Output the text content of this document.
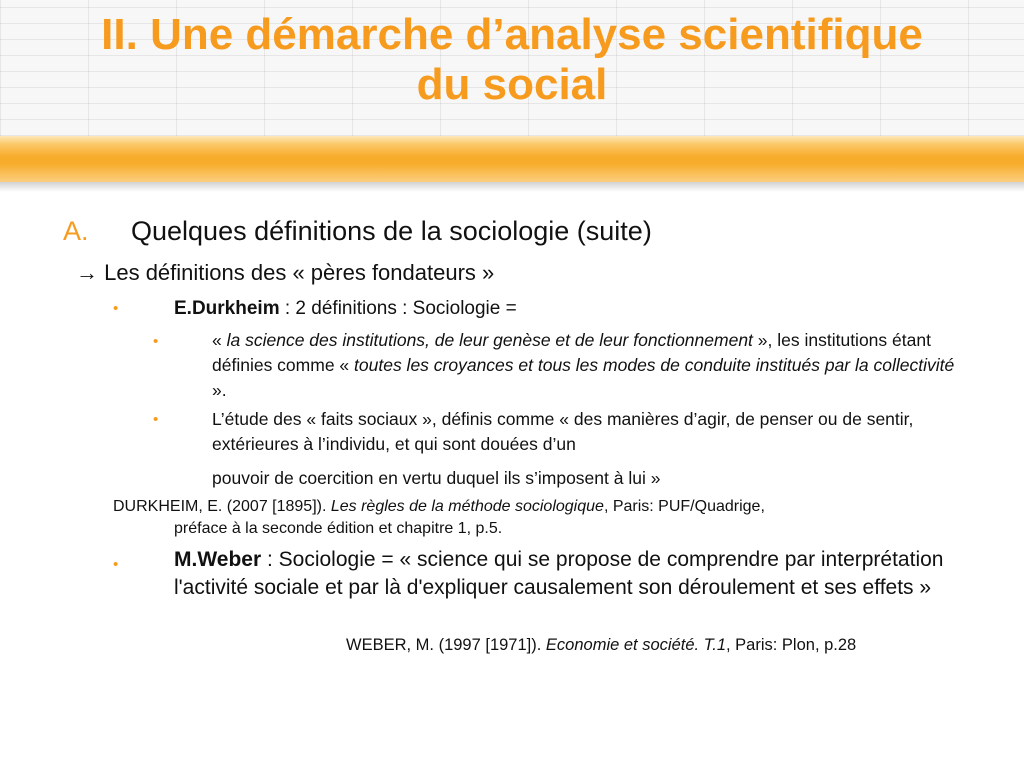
II. Une démarche d’analyse scientifique
du social

A. Quelques définitions de la sociologie (suite)

→ Les définitions des « pères fondateurs »

•	E.Durkheim : 2 définitions : Sociologie =

•	« la science des institutions, de leur genèse et de leur fonctionnement », les institutions étant définies comme « toutes les croyances et tous les modes de conduite institués par la collectivité ».

•	L’étude des « faits sociaux », définis comme « des manières d’agir, de penser ou de sentir, extérieures à l’individu, et qui sont douées d’un

pouvoir de coercition en vertu duquel ils s’imposent à lui »

DURKHEIM, E. (2007 [1895]). Les règles de la méthode sociologique, Paris: PUF/Quadrige,

préface à la seconde édition et chapitre 1, p.5.

•	M.Weber : Sociologie = « science qui se propose de comprendre par interprétation l'activité sociale et par là d'expliquer causalement son déroulement et ses effets »

WEBER, M. (1997 [1971]). Economie et société. T.1, Paris: Plon, p.28
